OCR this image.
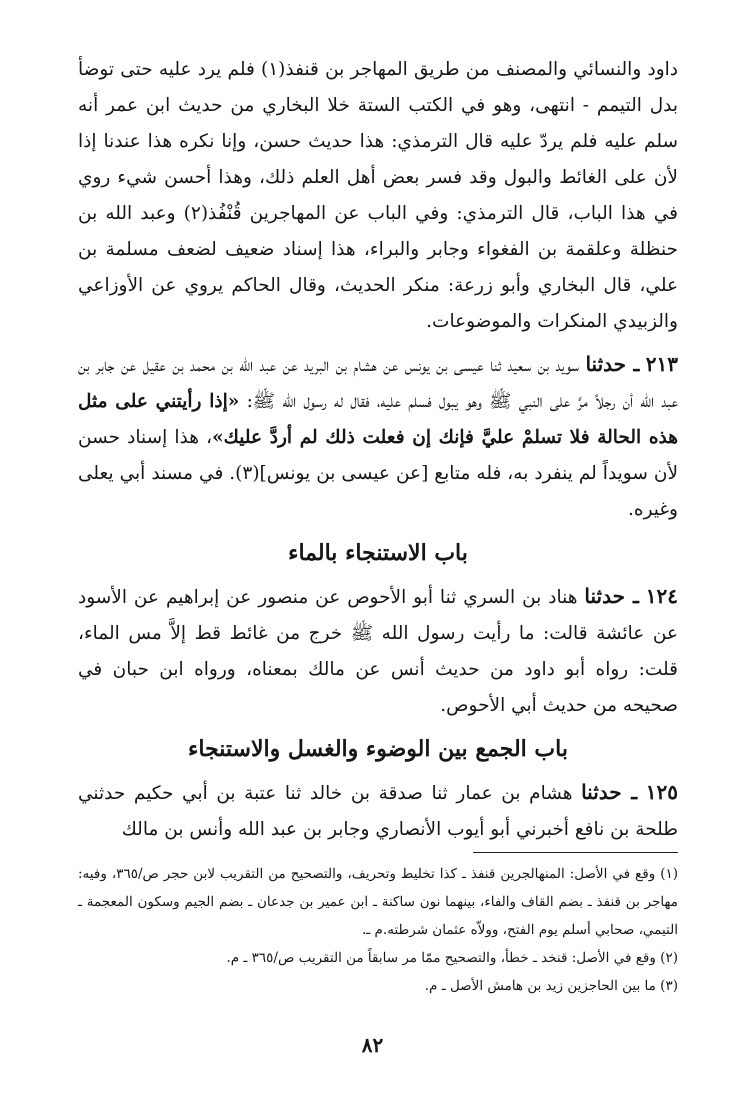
داود والنسائي والمصنف من طريق المهاجر بن قنفذ(١) فلم يرد عليه حتى توضأ بدل التيمم - انتهى، وهو في الكتب الستة خلا البخاري من حديث ابن عمر أنه سلم عليه فلم يردّ عليه قال الترمذي: هذا حديث حسن، وإنا نكره هذا عندنا إذا لأن على الغائط والبول وقد فسر بعض أهل العلم ذلك، وهذا أحسن شيء روي في هذا الباب، قال الترمذي: وفي الباب عن المهاجرين قُنْفُذ(٢) وعبد الله بن حنظلة وعلقمة بن الفغواء وجابر والبراء، هذا إسناد ضعيف لضعف مسلمة بن علي، قال البخاري وأبو زرعة: منكر الحديث، وقال الحاكم يروي عن الأوزاعي والزبيدي المنكرات والموضوعات.

٢١٣ ـ حدثنا سويد بن سعيد ثنا عيسى بن يونس عن هشام بن البريد عن عبد الله بن محمد بن عقيل عن جابر بن عبد الله أن رجلاً مرَّ على النبي ﷺ وهو يبول فسلم عليه، فقال له رسول الله ﷺ: «إذا رأيتني على مثل هذه الحالة فلا تسلمْ عليَّ فإنك إن فعلت ذلك لم أردَّ عليك»، هذا إسناد حسن لأن سويداً لم ينفرد به، فله متابع [عن عيسى بن يونس](٣). في مسند أبي يعلى وغيره.

باب الاستنجاء بالماء

١٢٤ ـ حدثنا هناد بن السري ثنا أبو الأحوص عن منصور عن إبراهيم عن الأسود عن عائشة قالت: ما رأيت رسول الله ﷺ خرج من غائط قط إلاَّ مس الماء، قلت: رواه أبو داود من حديث أنس عن مالك بمعناه، ورواه ابن حبان في صحيحه من حديث أبي الأحوص.

باب الجمع بين الوضوء والغسل والاستنجاء

١٢٥ ـ حدثنا هشام بن عمار ثنا صدقة بن خالد ثنا عتبة بن أبي حكيم حدثني طلحة بن نافع أخبرني أبو أيوب الأنصاري وجابر بن عبد الله وأنس بن مالك

(١) وقع في الأصل: المنهالجرين قنفذ ـ كذا تخليط وتحريف، والتصحيح من التقريب لابن حجر ص/٣٦٥، وفيه: مهاجر بن قنفذ ـ بضم القاف والفاء، بينهما نون ساكنة ـ ابن عمير بن جدعان ـ بضم الجيم وسكون المعجمة ـ التيمي، صحابي أسلم يوم الفتح، وولاّه عثمان شرطته.م ـ.

(٢) وقع في الأصل: قنخد ـ خطأ، والتصحيح ممّا مر سابقاً من التقريب ص/٣٦٥ ـ م.

(٣) ما بين الحاجزين زيد بن هامش الأصل ـ م.

٨٢
